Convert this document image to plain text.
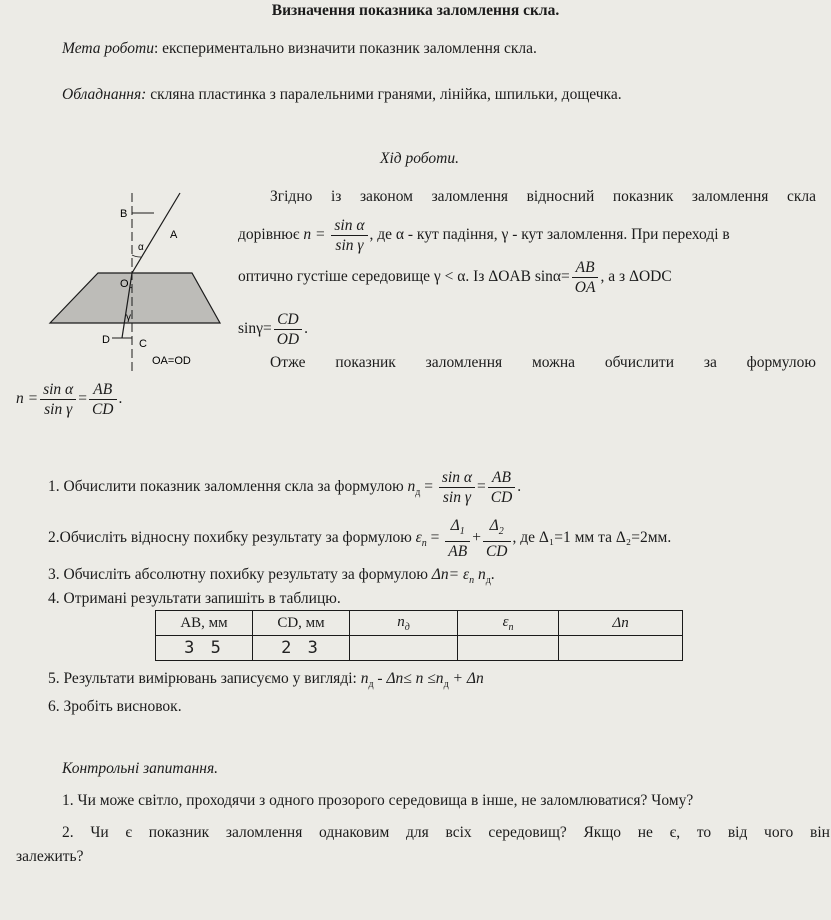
Визначення показника заломлення скла.
Мета роботи: експериментально визначити показник заломлення скла.
Обладнання: скляна пластинка з паралельними гранями, лінійка, шпильки, дощечка.
Хід роботи.
B
A
α
O
γ
D	C
OA=OD
Згідно із законом заломлення відносний показник заломлення скла
дорівнює $n = \frac{\text{sin α}}{\text{sin γ}}$ , де α - кут падіння, γ - кут заломлення. При переході в
оптично густіше середовище γ < α. Із ΔOAB $\sin\alpha= \frac{AB}{OA}$ , а з ΔODC
$\sin\gamma= \frac{CD}{OD}$ .
Отже показник заломлення можна обчислити за формулою
$n = \frac{\text{sin α}}{\text{sin γ}} = \frac{AB}{CD}$ .
1. Обчислити показник заломлення скла за формулою $n_д = \frac{\text{sin α}}{\text{sin γ}} = \frac{AB}{CD}$ .
2.Обчисліть відносну похибку результату за формулою $\varepsilon_n = \frac{\Delta_1}{AB} + \frac{\Delta_2}{CD}$ , де Δ₁=1 мм та Δ₂=2мм.
3. Обчисліть абсолютну похибку результату за формулою $\Delta n= \varepsilon_n$ $n_д$.
4. Отримані результати запишіть в таблицю.
AB, мм	CD, мм	$n_д$	$\varepsilon_n$	Δn
3 5	2 3			
5. Результати вимірювань записуємо у вигляді: $n_д - \Delta n\le n \le n_д + \Delta n$
6. Зробіть висновок.
Контрольні запитання.
1. Чи може світло, проходячи з одного прозорого середовища в інше, не заломлюватися? Чому?
2. Чи є показник заломлення однаковим для всіх середовищ? Якщо не є, то від чого він
залежить?
